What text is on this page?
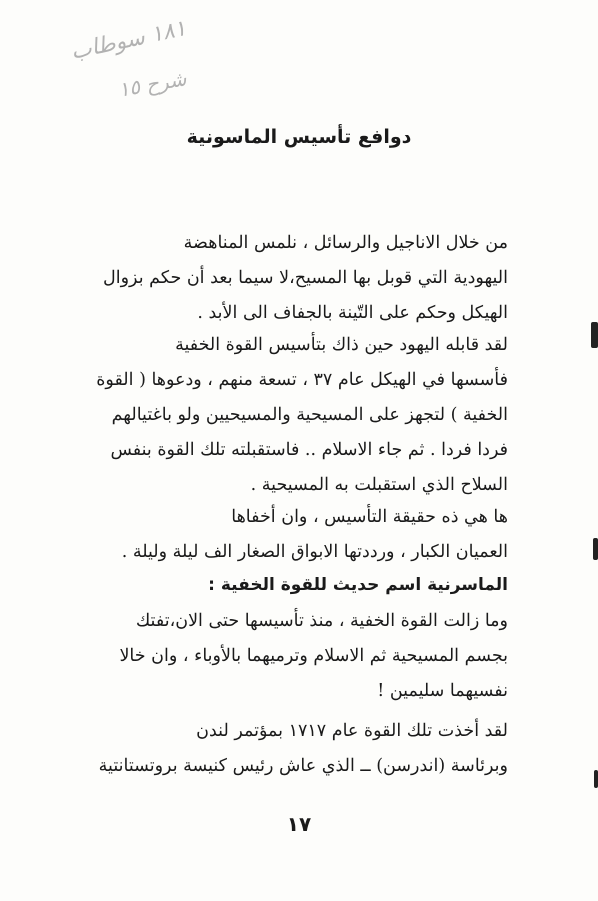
١٨١ سوطاب
شرح ١٥
دوافع تأسيس الماسونية
من خلال الاناجيل والرسائل ، نلمس المناهضة
اليهودية التي قوبل بها المسيح،لا سيما بعد أن حكم بزوال
الهيكل وحكم على التّينة بالجفاف الى الأبد .
لقد قابله اليهود حين ذاك بتأسيس القوة الخفية
فأسسها في الهيكل عام ٣٧ ، تسعة منهم ، ودعوها ( القوة
الخفية ) لتجهز على المسيحية والمسيحيين ولو باغتيالهم
فردا فردا . ثم جاء الاسلام .. فاستقبلته تلك القوة بنفس
السلاح الذي استقبلت به المسيحية .
ها هي ذه حقيقة التأسيس ، وان أخفاها
العميان الكبار ، ورددتها الابواق الصغار الف ليلة وليلة .
الماسرنية اسم حديث للقوة الخفية :
وما زالت القوة الخفية ، منذ تأسيسها حتى الان،تفتك
بجسم المسيحية ثم الاسلام وترميهما بالأوباء ، وان خالا
نفسيهما سليمين !
لقد أخذت تلك القوة عام ١٧١٧ بمؤتمر لندن
وبرئاسة (اندرسن) ــ الذي عاش رئيس كنيسة بروتستانتية
١٧
